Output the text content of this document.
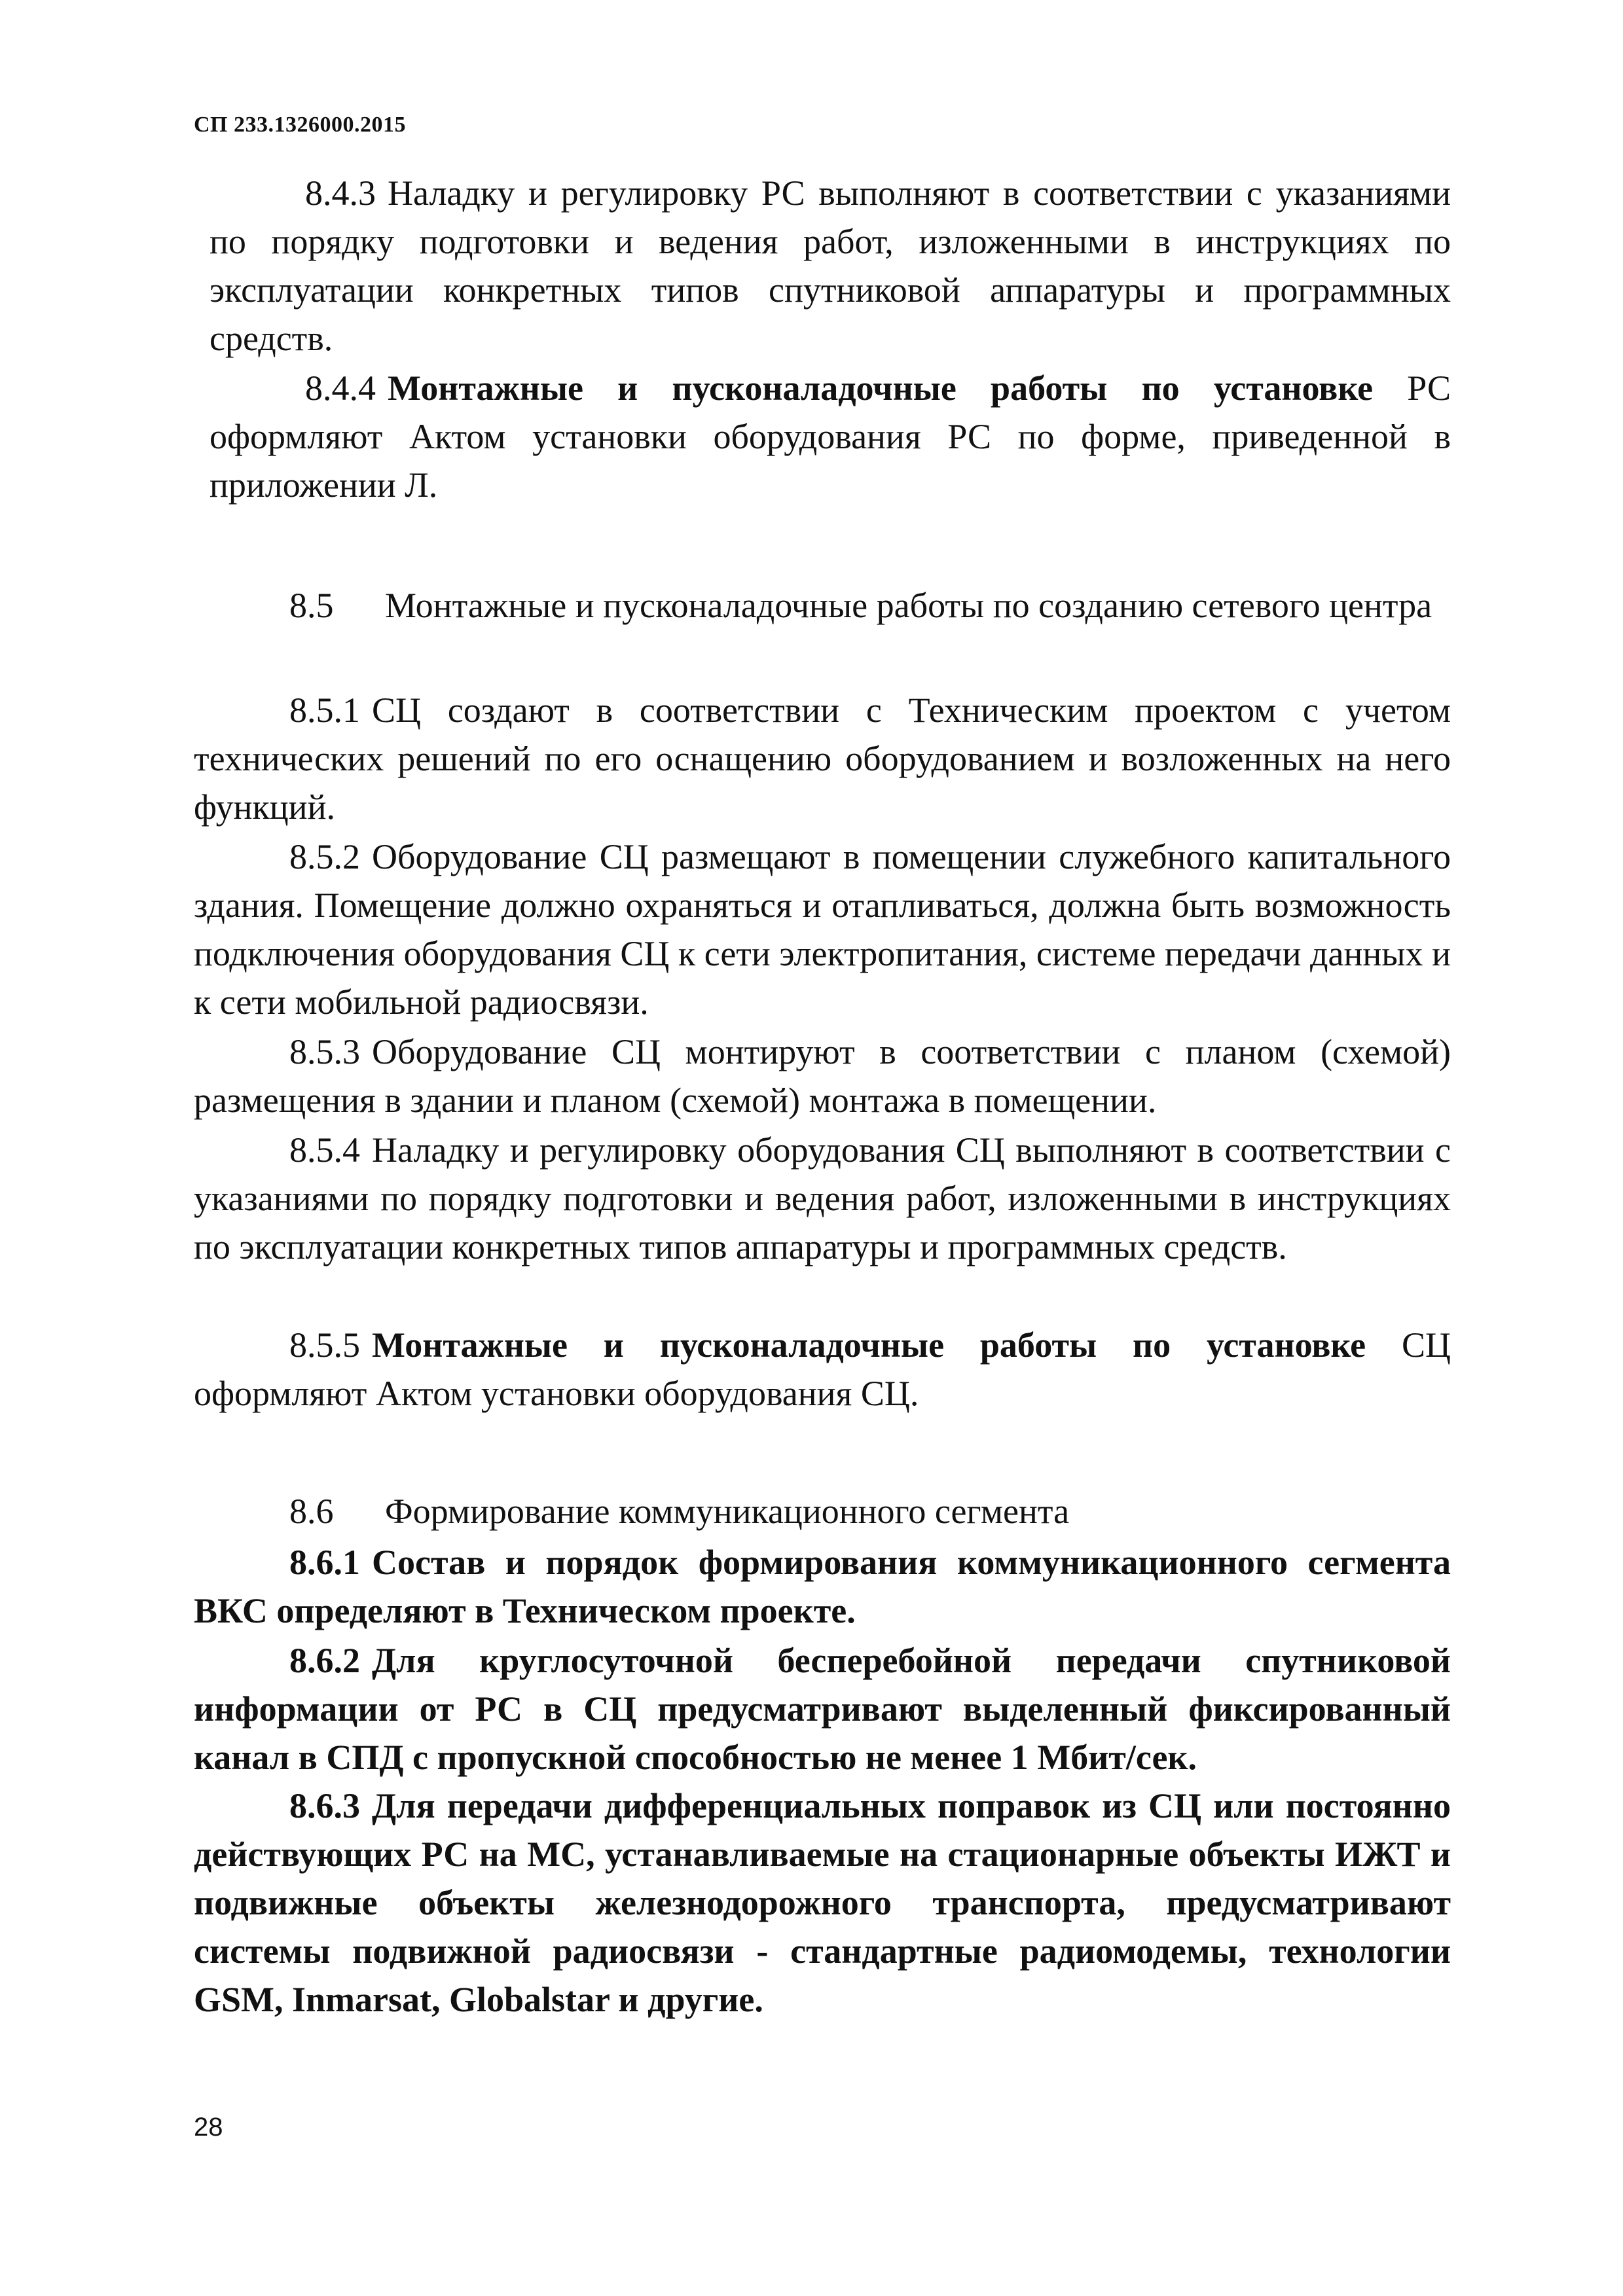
СП 233.1326000.2015

8.4.3 Наладку и регулировку РС выполняют в соответствии с указаниями по порядку подготовки и ведения работ, изложенными в инструкциях по эксплуатации конкретных типов спутниковой аппаратуры и программных средств.

8.4.4 Монтажные и пусконаладочные работы по установке РС оформляют Актом установки оборудования РС по форме, приведенной в приложении Л.

8.5 Монтажные и пусконаладочные работы по созданию сетевого центра

8.5.1 СЦ создают в соответствии с Техническим проектом с учетом технических решений по его оснащению оборудованием и возложенных на него функций.

8.5.2 Оборудование СЦ размещают в помещении служебного капитального здания. Помещение должно охраняться и отапливаться, должна быть возможность подключения оборудования СЦ к сети электропитания, системе передачи данных и к сети мобильной радиосвязи.

8.5.3 Оборудование СЦ монтируют в соответствии с планом (схемой) размещения в здании и планом (схемой) монтажа в помещении.

8.5.4 Наладку и регулировку оборудования СЦ выполняют в соответствии с указаниями по порядку подготовки и ведения работ, изложенными в инструкциях по эксплуатации конкретных типов аппаратуры и программных средств.

8.5.5 Монтажные и пусконаладочные работы по установке СЦ оформляют Актом установки оборудования СЦ.

8.6 Формирование коммуникационного сегмента

8.6.1 Состав и порядок формирования коммуникационного сегмента ВКС определяют в Техническом проекте.

8.6.2 Для круглосуточной бесперебойной передачи спутниковой информации от РС в СЦ предусматривают выделенный фиксированный канал в СПД с пропускной способностью не менее 1 Мбит/сек.

8.6.3 Для передачи дифференциальных поправок из СЦ или постоянно действующих РС на МС, устанавливаемые на стационарные объекты ИЖТ и подвижные объекты железнодорожного транспорта, предусматривают системы подвижной радиосвязи - стандартные радиомодемы, технологии GSM, Inmarsat, Globalstar и другие.

28
